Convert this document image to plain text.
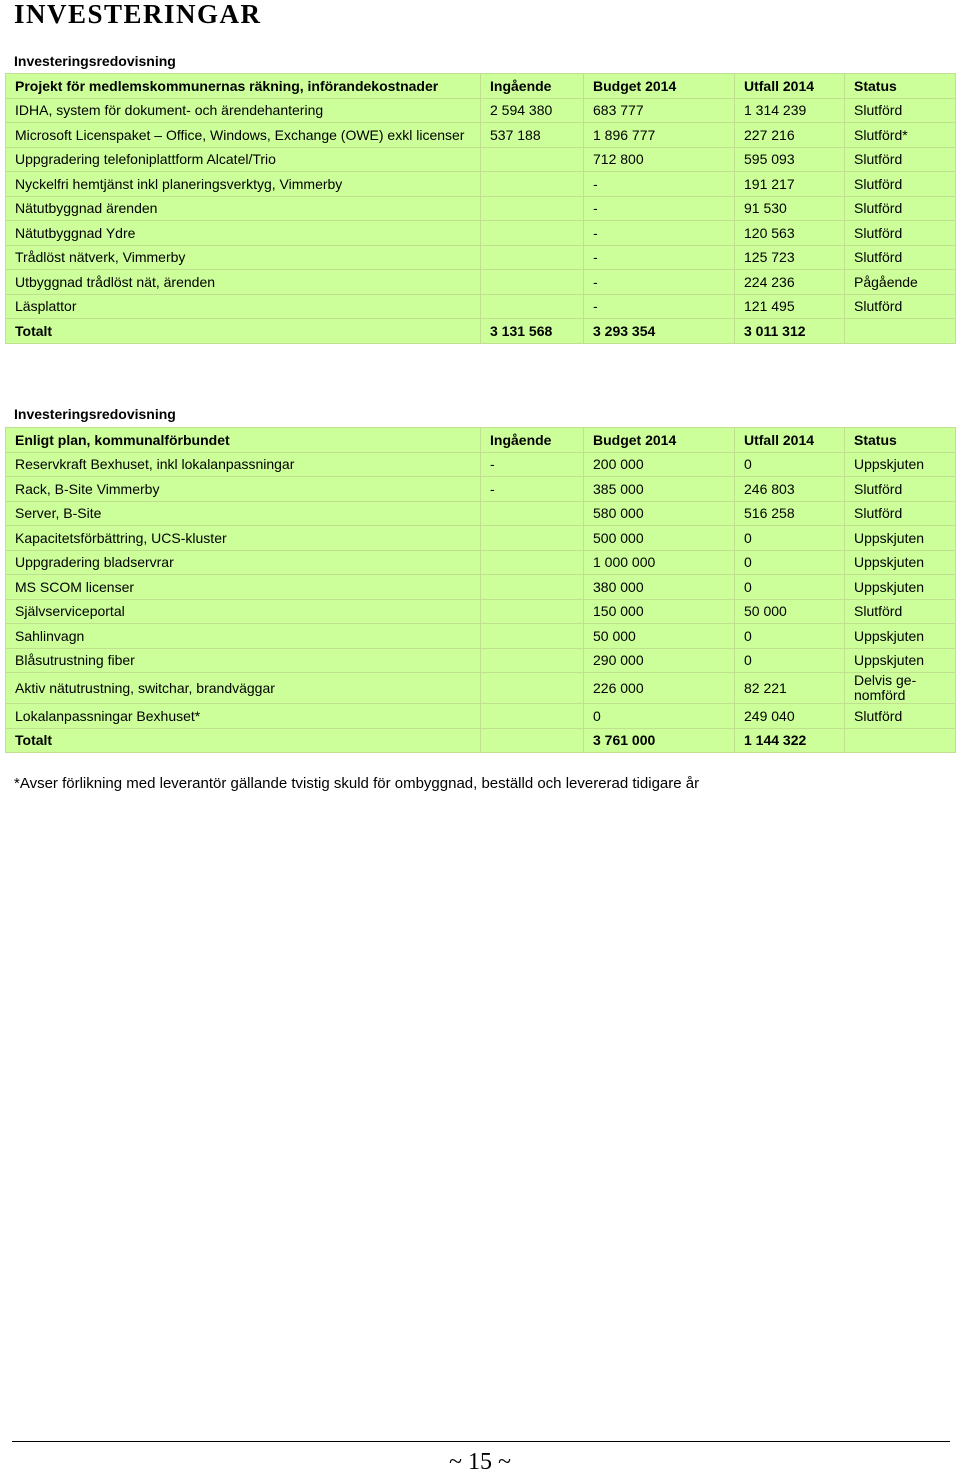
INVESTERINGAR
Investeringsredovisning
Projekt för medlemskommunernas räkning, införandekostnader	Ingående	Budget 2014	Utfall 2014	Status
IDHA, system för dokument- och ärendehantering	2 594 380	683 777	1 314 239	Slutförd
Microsoft Licenspaket – Office, Windows, Exchange (OWE) exkl licenser	537 188	1 896 777	227 216	Slutförd*
Uppgradering telefoniplattform Alcatel/Trio		712 800	595 093	Slutförd
Nyckelfri hemtjänst inkl planeringsverktyg, Vimmerby		-	191 217	Slutförd
Nätutbyggnad ärenden		-	91 530	Slutförd
Nätutbyggnad Ydre		-	120 563	Slutförd
Trådlöst nätverk, Vimmerby		-	125 723	Slutförd
Utbyggnad trådlöst nät, ärenden		-	224 236	Pågående
Läsplattor		-	121 495	Slutförd
Totalt	3 131 568	3 293 354	3 011 312	
Investeringsredovisning
Enligt plan, kommunalförbundet	Ingående	Budget 2014	Utfall 2014	Status
Reservkraft Bexhuset, inkl lokalanpassningar	-	200 000	0	Uppskjuten
Rack, B-Site Vimmerby	-	385 000	246 803	Slutförd
Server, B-Site		580 000	516 258	Slutförd
Kapacitetsförbättring, UCS-kluster		500 000	0	Uppskjuten
Uppgradering bladservrar		1 000 000	0	Uppskjuten
MS SCOM licenser		380 000	0	Uppskjuten
Självserviceportal		150 000	50 000	Slutförd
Sahlinvagn		50 000	0	Uppskjuten
Blåsutrustning fiber		290 000	0	Uppskjuten
Aktiv nätutrustning, switchar, brandväggar		226 000	82 221	Delvis ge-nomförd
Lokalanpassningar Bexhuset*		0	249 040	Slutförd
Totalt		3 761 000	1 144 322	
*Avser förlikning med leverantör gällande tvistig skuld för ombyggnad, beställd och levererad tidigare år
~ 15 ~
